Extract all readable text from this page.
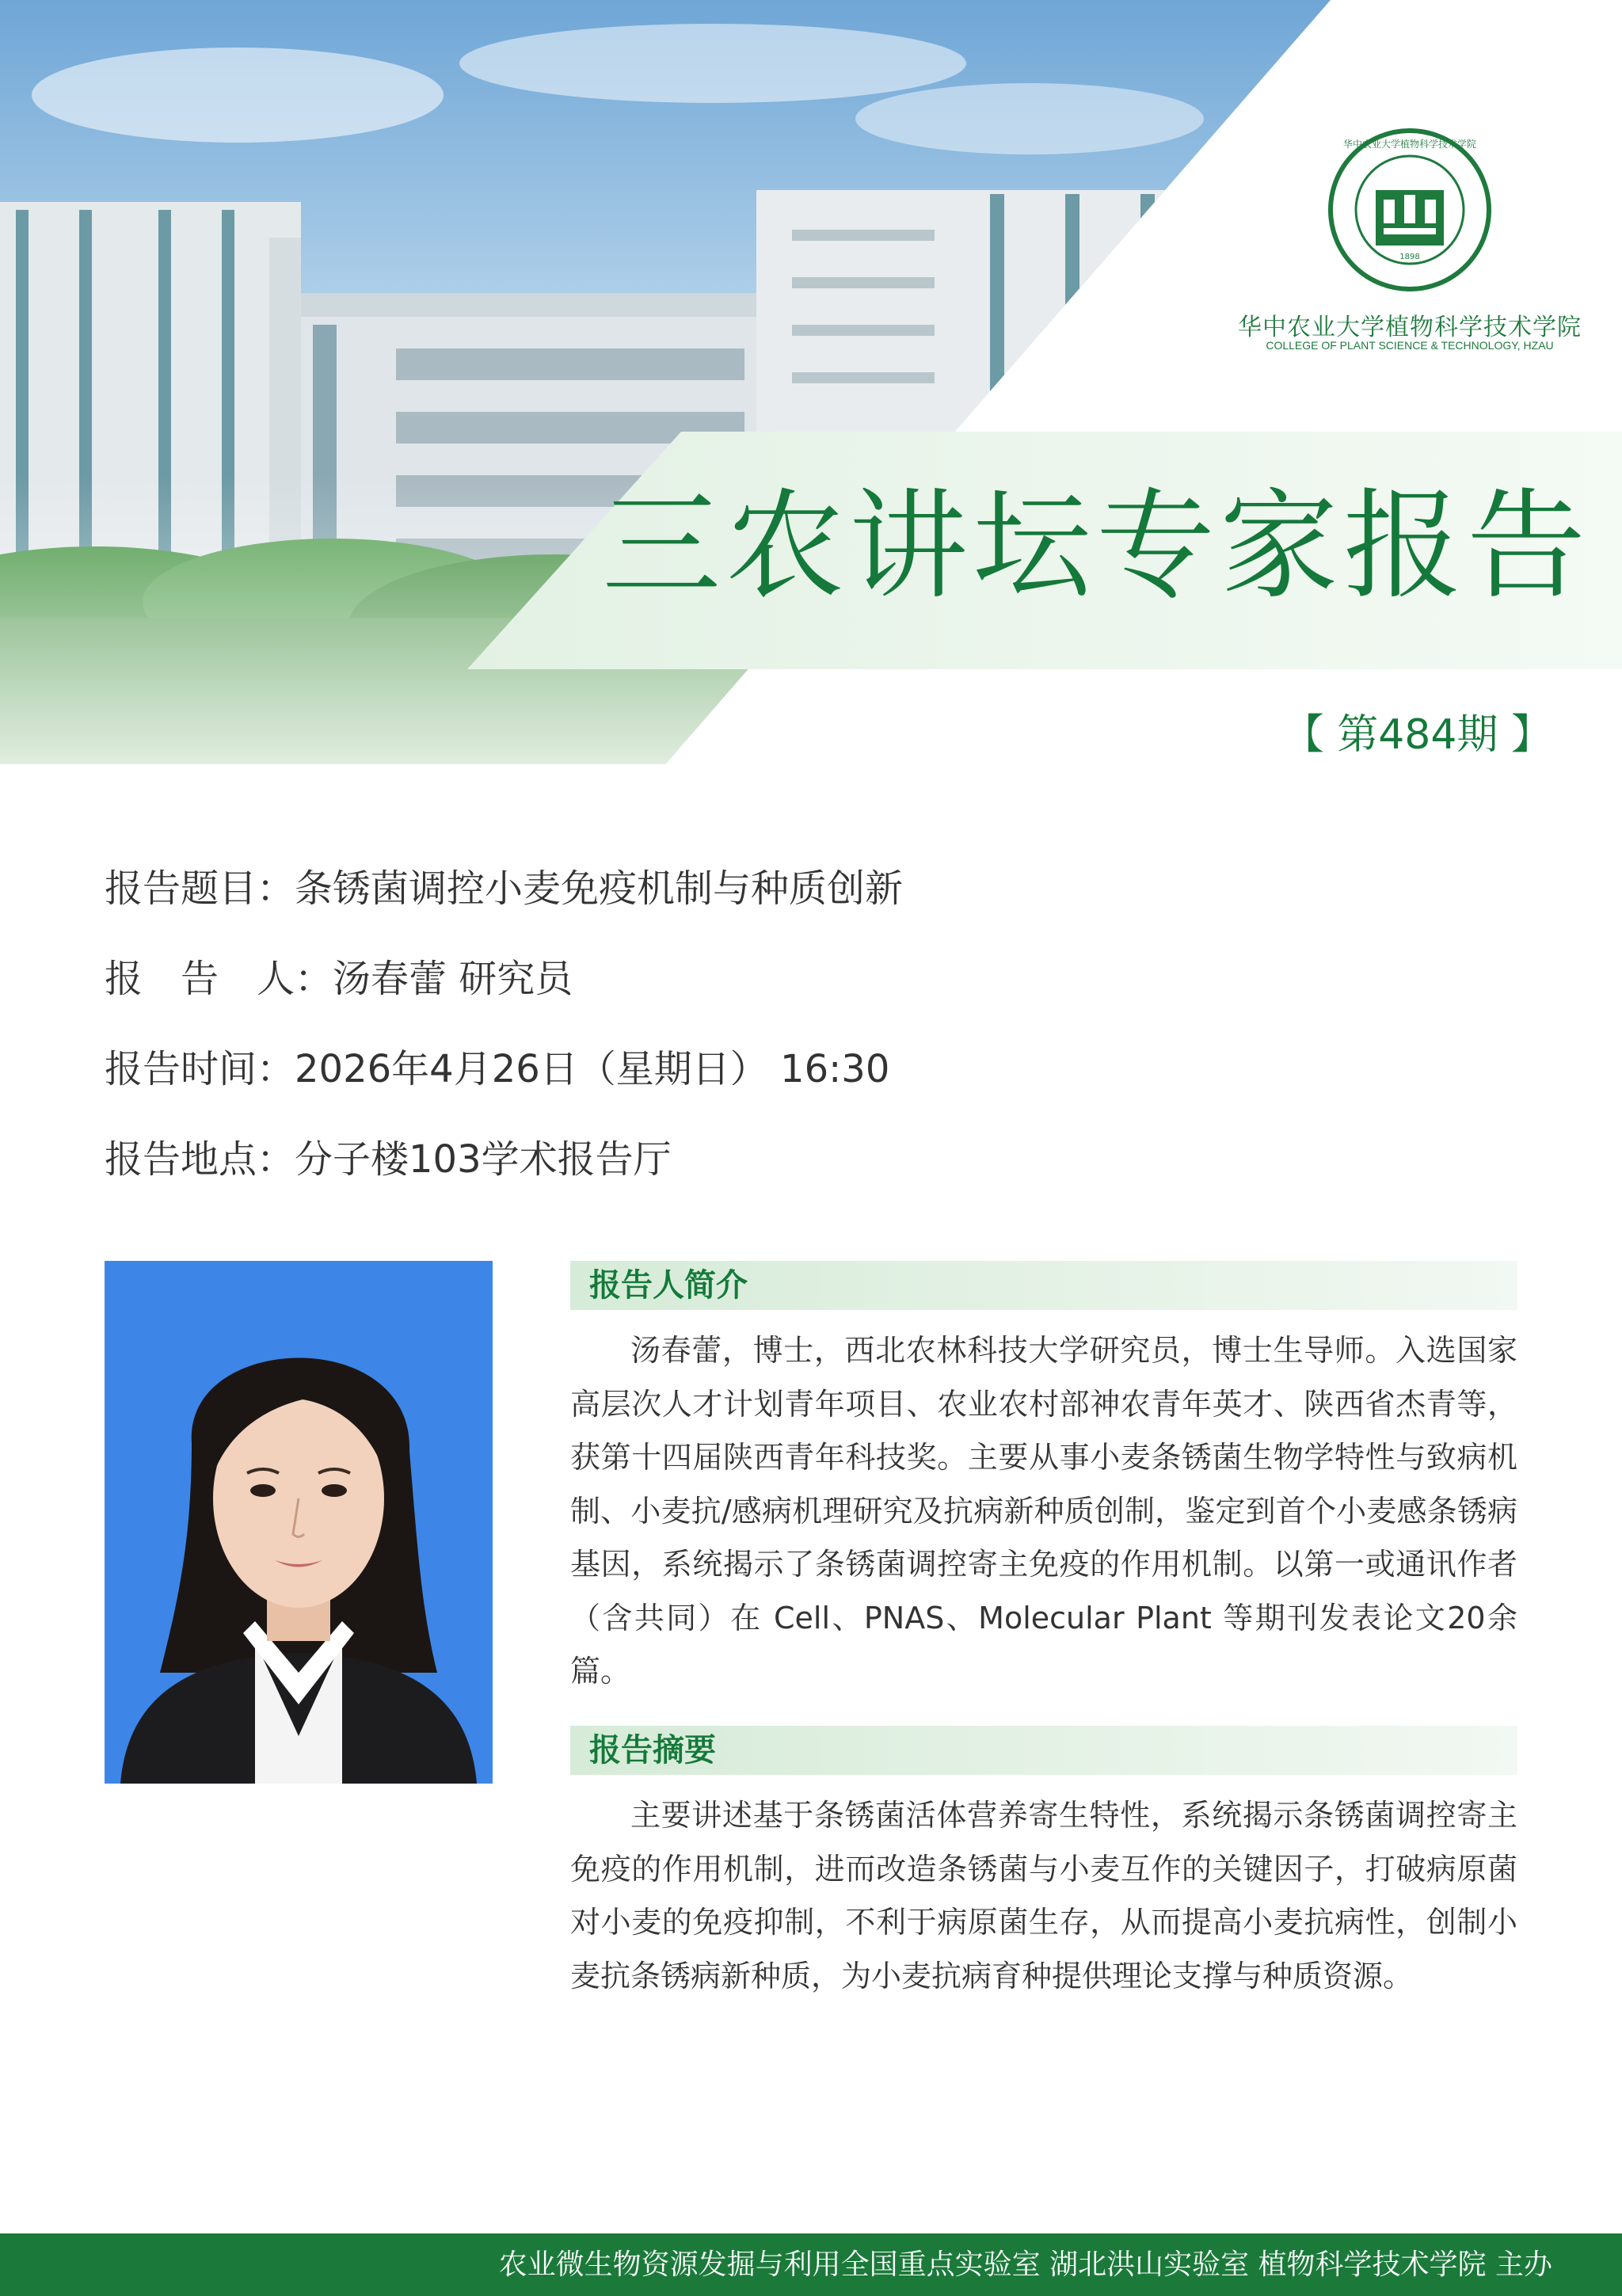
1898
华中农业大学植物科学技术学院
华中农业大学植物科学技术学院
COLLEGE OF PLANT SCIENCE & TECHNOLOGY, HZAU
三农讲坛专家报告
【 第484期 】
报告题目：条锈菌调控小麦免疫机制与种质创新
报　告　人：汤春蕾 研究员
报告时间：2026年4月26日（星期日） 16:30
报告地点：分子楼103学术报告厅
报告人简介
汤春蕾，博士，西北农林科技大学研究员，博士生导师。入选国家高层次人才计划青年项目、农业农村部神农青年英才、陕西省杰青等，获第十四届陕西青年科技奖。主要从事小麦条锈菌生物学特性与致病机制、小麦抗/感病机理研究及抗病新种质创制，鉴定到首个小麦感条锈病基因，系统揭示了条锈菌调控寄主免疫的作用机制。以第一或通讯作者（含共同）在 Cell、PNAS、Molecular Plant 等期刊发表论文20余篇。
报告摘要
主要讲述基于条锈菌活体营养寄生特性，系统揭示条锈菌调控寄主免疫的作用机制，进而改造条锈菌与小麦互作的关键因子，打破病原菌对小麦的免疫抑制，不利于病原菌生存，从而提高小麦抗病性，创制小麦抗条锈病新种质，为小麦抗病育种提供理论支撑与种质资源。
农业微生物资源发掘与利用全国重点实验室 湖北洪山实验室 植物科学技术学院 主办
